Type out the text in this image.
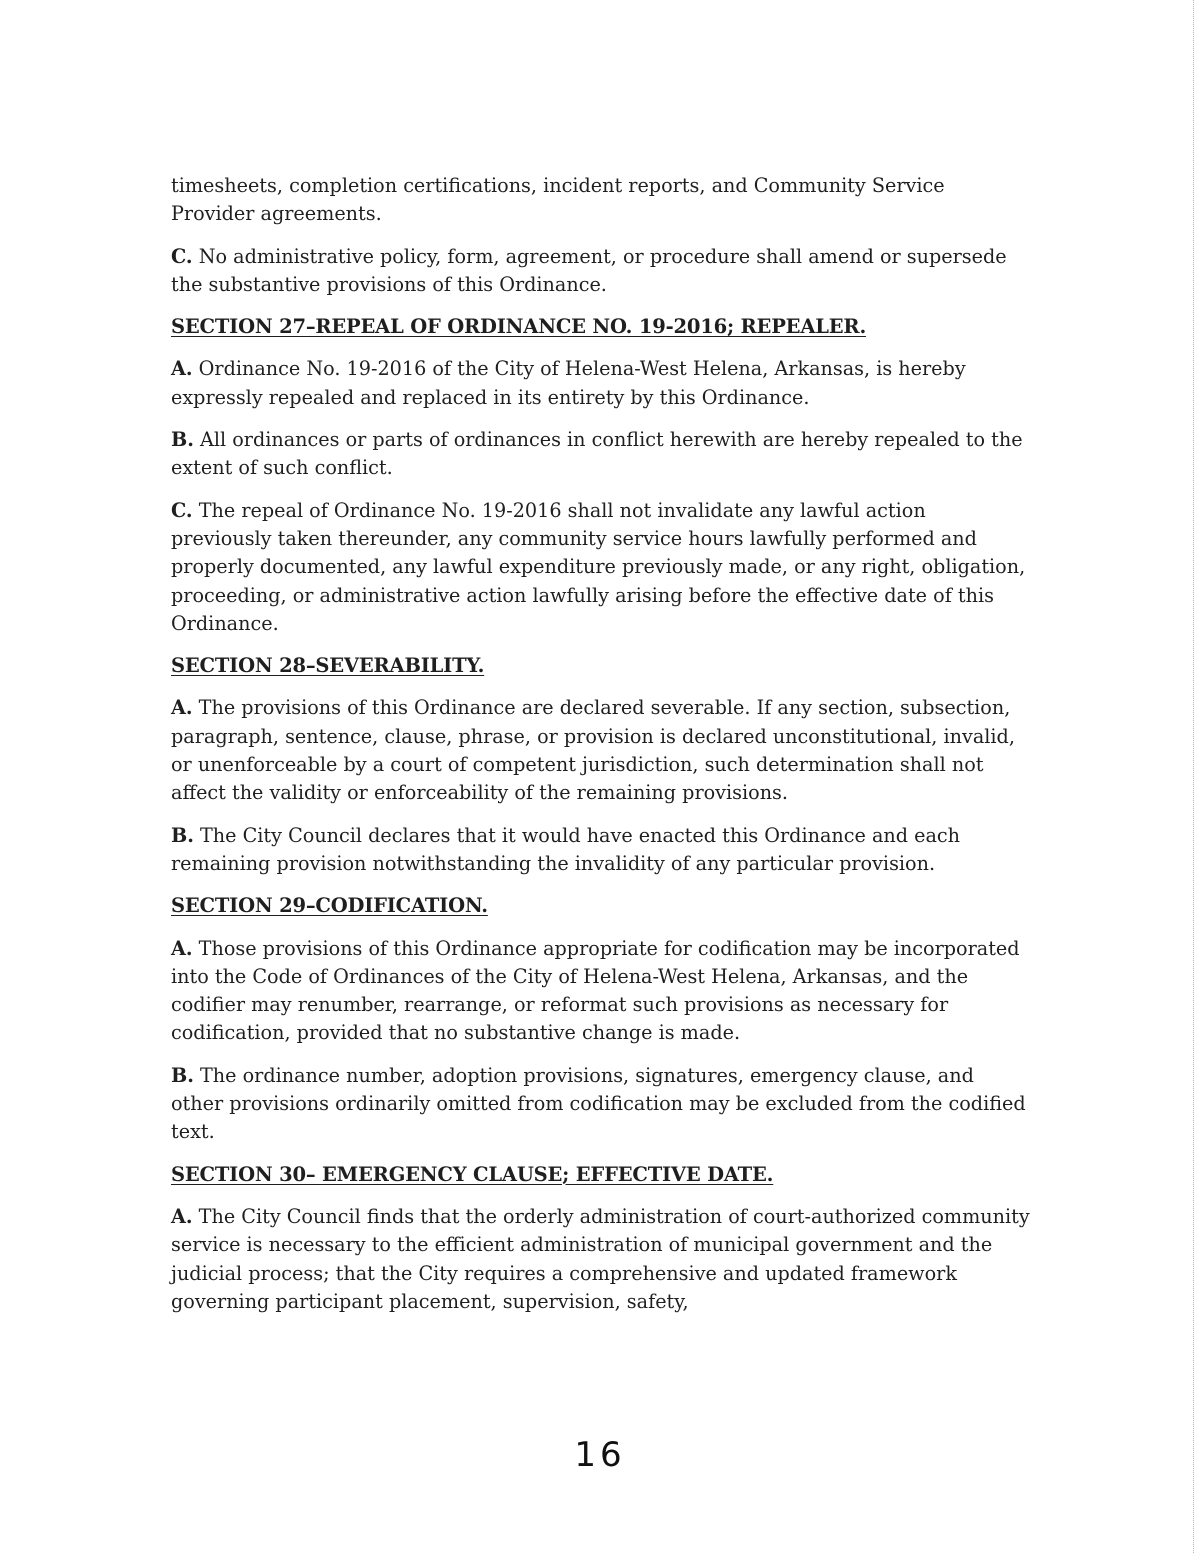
timesheets, completion certifications, incident reports, and Community Service Provider agreements.

C. No administrative policy, form, agreement, or procedure shall amend or supersede the substantive provisions of this Ordinance.

SECTION 27–REPEAL OF ORDINANCE NO. 19-2016; REPEALER.

A. Ordinance No. 19-2016 of the City of Helena-West Helena, Arkansas, is hereby expressly repealed and replaced in its entirety by this Ordinance.

B. All ordinances or parts of ordinances in conflict herewith are hereby repealed to the extent of such conflict.

C. The repeal of Ordinance No. 19-2016 shall not invalidate any lawful action previously taken thereunder, any community service hours lawfully performed and properly documented, any lawful expenditure previously made, or any right, obligation, proceeding, or administrative action lawfully arising before the effective date of this Ordinance.

SECTION 28–SEVERABILITY.

A. The provisions of this Ordinance are declared severable. If any section, subsection, paragraph, sentence, clause, phrase, or provision is declared unconstitutional, invalid, or unenforceable by a court of competent jurisdiction, such determination shall not affect the validity or enforceability of the remaining provisions.

B. The City Council declares that it would have enacted this Ordinance and each remaining provision notwithstanding the invalidity of any particular provision.

SECTION 29–CODIFICATION.

A. Those provisions of this Ordinance appropriate for codification may be incorporated into the Code of Ordinances of the City of Helena-West Helena, Arkansas, and the codifier may renumber, rearrange, or reformat such provisions as necessary for codification, provided that no substantive change is made.

B. The ordinance number, adoption provisions, signatures, emergency clause, and other provisions ordinarily omitted from codification may be excluded from the codified text.

SECTION 30– EMERGENCY CLAUSE; EFFECTIVE DATE.

A. The City Council finds that the orderly administration of court-authorized community service is necessary to the efficient administration of municipal government and the judicial process; that the City requires a comprehensive and updated framework governing participant placement, supervision, safety,

16
